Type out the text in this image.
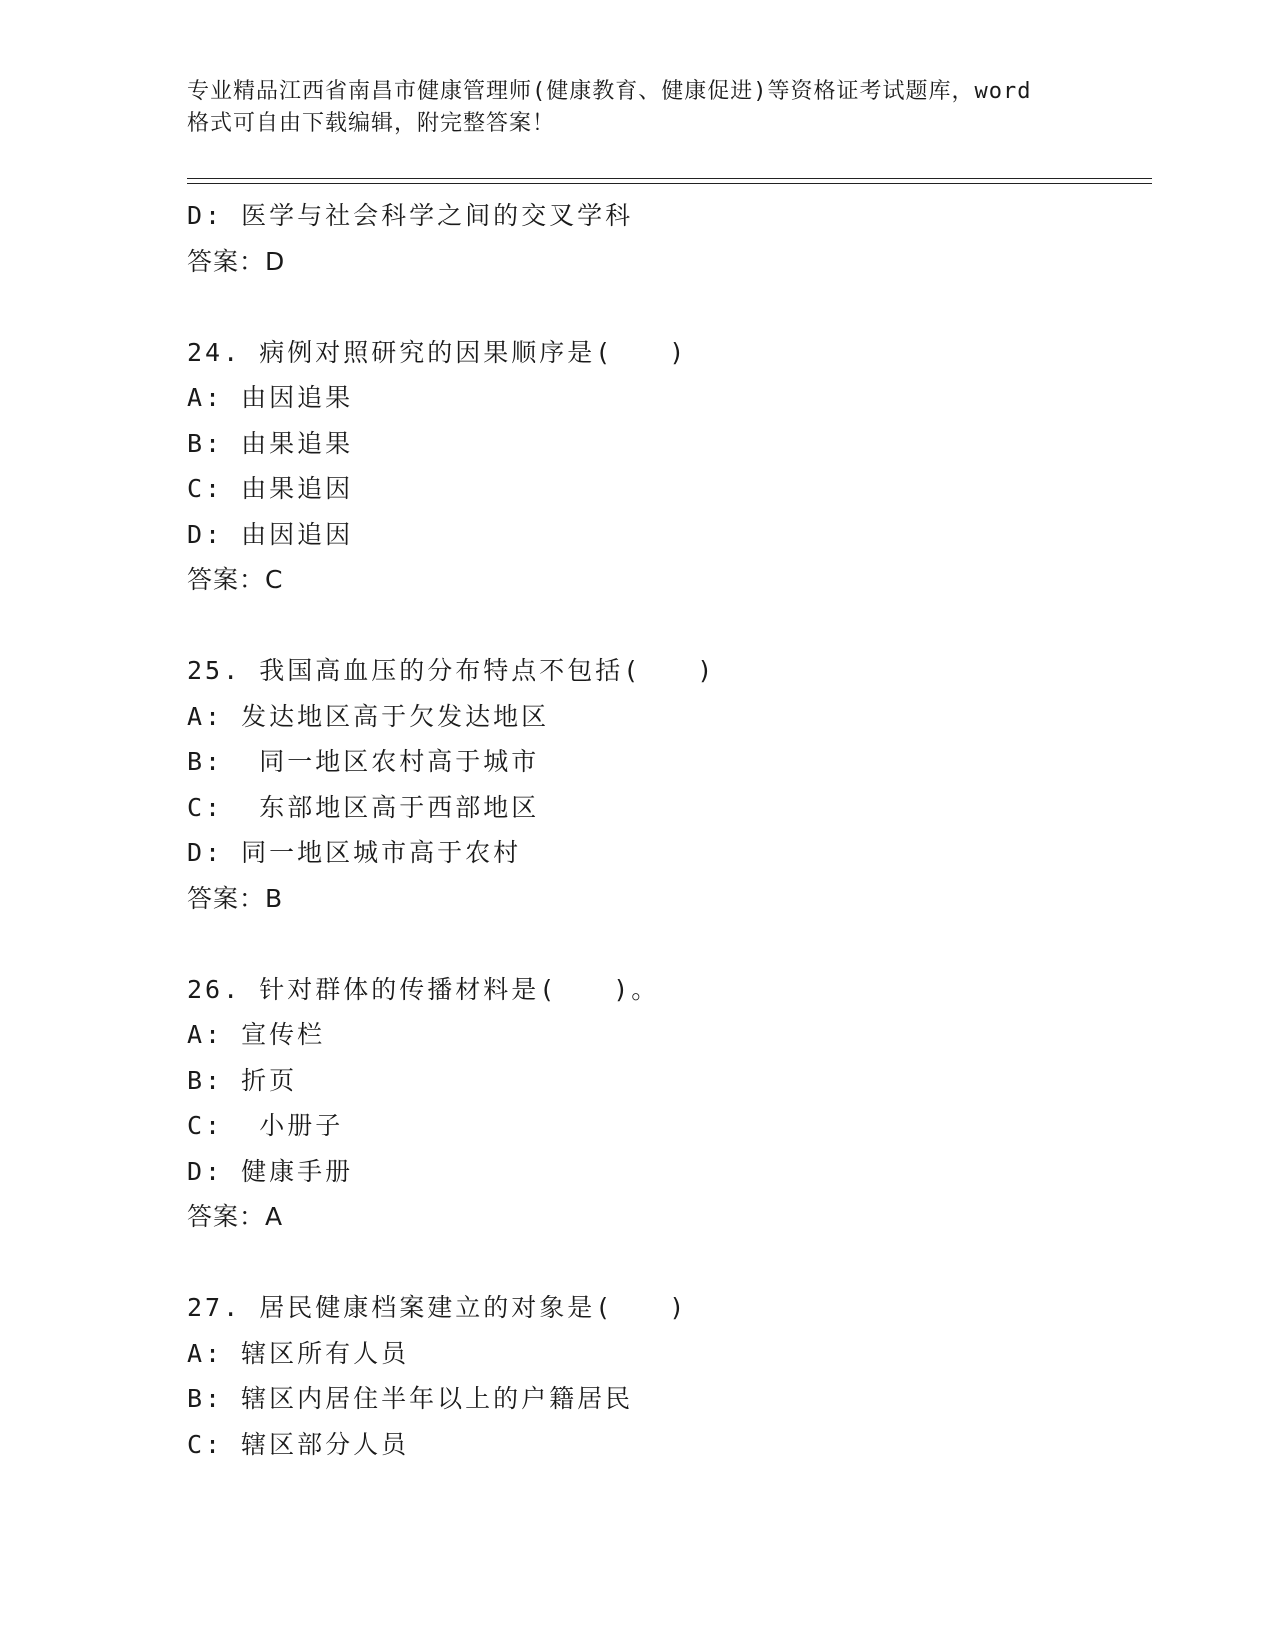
专业精品江西省南昌市健康管理师(健康教育、健康促进)等资格证考试题库，word
格式可自由下载编辑，附完整答案！
D: 医学与社会科学之间的交叉学科
答案：D
24. 病例对照研究的因果顺序是(　　)
A: 由因追果
B: 由果追果
C: 由果追因
D: 由因追因
答案：C
25. 我国高血压的分布特点不包括(　　)
A: 发达地区高于欠发达地区
B:  同一地区农村高于城市
C:  东部地区高于西部地区
D: 同一地区城市高于农村
答案：B
26. 针对群体的传播材料是(　　)。
A: 宣传栏
B: 折页
C:  小册子
D: 健康手册
答案：A
27. 居民健康档案建立的对象是(　　)
A: 辖区所有人员
B: 辖区内居住半年以上的户籍居民
C: 辖区部分人员
